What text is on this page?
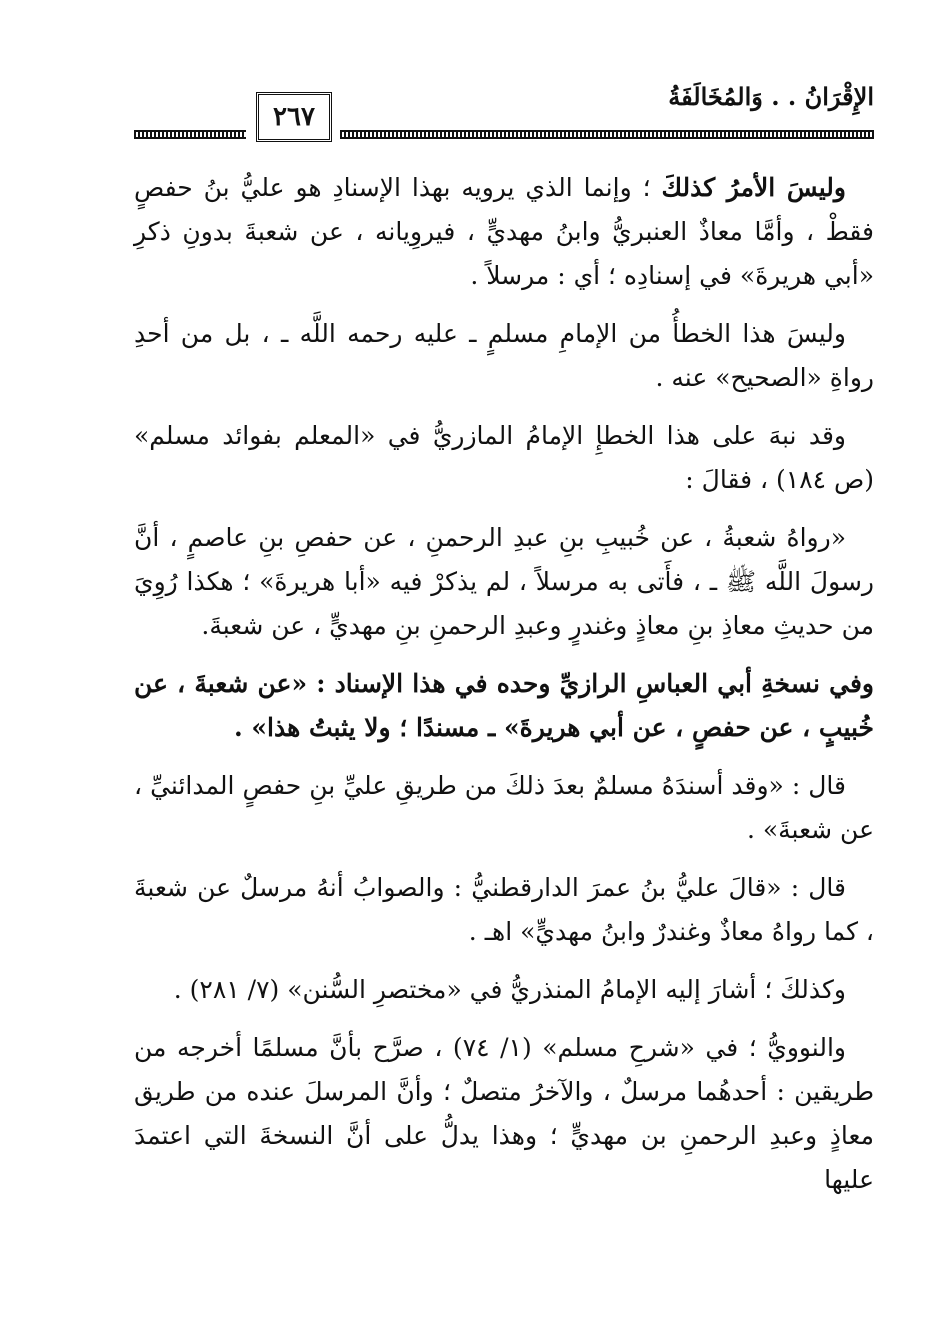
الإِقْرَانُ . . وَالمُخَالَفَةُ
٢٦٧

وليسَ الأمرُ كذلكَ ؛ وإنما الذي يرويه بهذا الإسنادِ هو عليُّ بنُ حفصٍ فقطْ ، وأمَّا معاذٌ العنبريُّ وابنُ مهديٍّ ، فيروِيانه ، عن شعبةَ بدونِ ذكرِ «أبي هريرةَ» في إسنادِه ؛ أي : مرسلاً .

وليسَ هذا الخطأُ من الإمامِ مسلمٍ ـ عليه رحمه اللَّه ـ ، بل من أحدِ رواةِ «الصحيح» عنه .

وقد نبهَ على هذا الخطإِ الإمامُ المازريُّ في «المعلم بفوائد مسلم» (ص ١٨٤) ، فقالَ :

«رواهُ شعبةُ ، عن خُبيبِ بنِ عبدِ الرحمنِ ، عن حفصِ بنِ عاصمٍ ، أنَّ رسولَ اللَّه ﷺ ـ ، فأَتى به مرسلاً ، لم يذكرْ فيه «أبا هريرةَ» ؛ هكذا رُوِيَ من حديثِ معاذِ بنِ معاذٍ وغندرٍ وعبدِ الرحمنِ بنِ مهديٍّ ، عن شعبةَ.

وفي نسخةِ أبي العباسِ الرازيِّ وحده في هذا الإسناد : «عن شعبةَ ، عن خُبيبٍ ، عن حفصٍ ، عن أبي هريرةَ» ـ مسندًا ؛ ولا يثبتُ هذا» .

قال : «وقد أسندَهُ مسلمٌ بعدَ ذلكَ من طريقِ عليِّ بنِ حفصٍ المدائنيِّ ، عن شعبةَ» .

قال : «قالَ عليُّ بنُ عمرَ الدارقطنيُّ : والصوابُ أنهُ مرسلٌ عن شعبةَ ، كما رواهُ معاذٌ وغندرٌ وابنُ مهديٍّ» اهـ .

وكذلكَ ؛ أشارَ إليه الإمامُ المنذريُّ في «مختصرِ السُّنن» (٧/ ٢٨١) .

والنوويُّ ؛ في «شرحِ مسلم» (١/ ٧٤) ، صرَّح بأنَّ مسلمًا أخرجه من طريقين : أحدهُما مرسلٌ ، والآخرُ متصلٌ ؛ وأنَّ المرسلَ عنده من طريق معاذٍ وعبدِ الرحمنِ بن مهديٍّ ؛ وهذا يدلُّ على أنَّ النسخةَ التي اعتمدَ عليها
